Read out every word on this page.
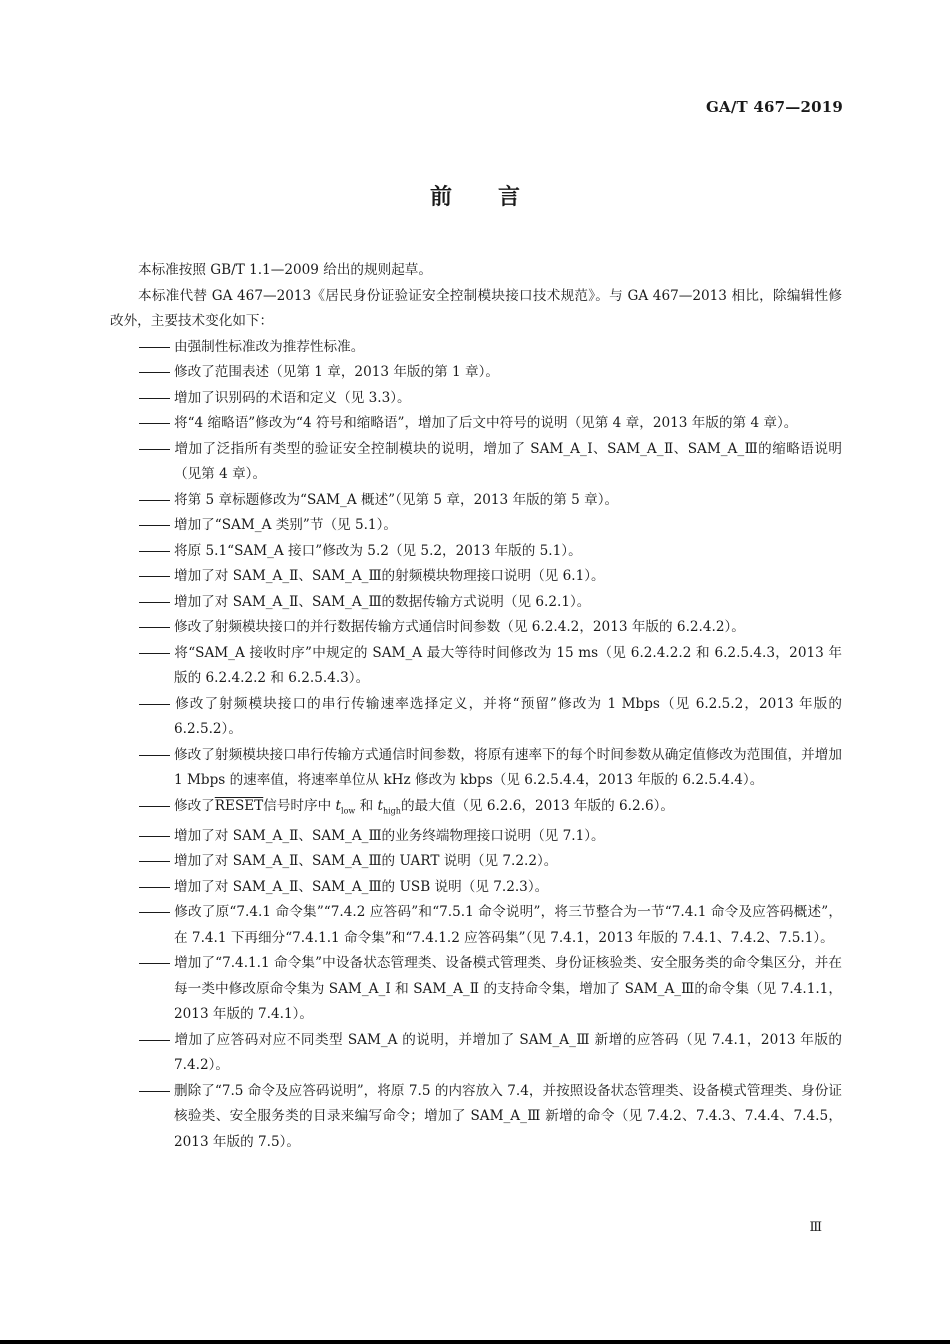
GA/T 467—2019
前言

本标准按照 GB/T 1.1—2009 给出的规则起草。

本标准代替 GA 467—2013《居民身份证验证安全控制模块接口技术规范》。与 GA 467—2013 相比，除编辑性修改外，主要技术变化如下：

由强制性标准改为推荐性标准。

修改了范围表述（见第 1 章，2013 年版的第 1 章）。

增加了识别码的术语和定义（见 3.3）。

将“4 缩略语”修改为“4 符号和缩略语”，增加了后文中符号的说明（见第 4 章，2013 年版的第 4 章）。

增加了泛指所有类型的验证安全控制模块的说明，增加了 SAM_A_Ⅰ、SAM_A_Ⅱ、SAM_A_Ⅲ的缩略语说明（见第 4 章）。

将第 5 章标题修改为“SAM_A 概述”（见第 5 章，2013 年版的第 5 章）。

增加了“SAM_A 类别”节（见 5.1）。

将原 5.1“SAM_A 接口”修改为 5.2（见 5.2，2013 年版的 5.1）。

增加了对 SAM_A_Ⅱ、SAM_A_Ⅲ的射频模块物理接口说明（见 6.1）。

增加了对 SAM_A_Ⅱ、SAM_A_Ⅲ的数据传输方式说明（见 6.2.1）。

修改了射频模块接口的并行数据传输方式通信时间参数（见 6.2.4.2，2013 年版的 6.2.4.2）。

将“SAM_A 接收时序”中规定的 SAM_A 最大等待时间修改为 15 ms（见 6.2.4.2.2 和 6.2.5.4.3，2013 年版的 6.2.4.2.2 和 6.2.5.4.3）。

修改了射频模块接口的串行传输速率选择定义，并将“预留”修改为 1 Mbps（见 6.2.5.2，2013 年版的 6.2.5.2）。

修改了射频模块接口串行传输方式通信时间参数，将原有速率下的每个时间参数从确定值修改为范围值，并增加 1 Mbps 的速率值，将速率单位从 kHz 修改为 kbps（见 6.2.5.4.4，2013 年版的 6.2.5.4.4）。

修改了RESET信号时序中 $t_{low}$ 和 $t_{high}$的最大值（见 6.2.6，2013 年版的 6.2.6）。

增加了对 SAM_A_Ⅱ、SAM_A_Ⅲ的业务终端物理接口说明（见 7.1）。

增加了对 SAM_A_Ⅱ、SAM_A_Ⅲ的 UART 说明（见 7.2.2）。

增加了对 SAM_A_Ⅱ、SAM_A_Ⅲ的 USB 说明（见 7.2.3）。

修改了原“7.4.1 命令集”“7.4.2 应答码”和“7.5.1 命令说明”，将三节整合为一节“7.4.1 命令及应答码概述”，在 7.4.1 下再细分“7.4.1.1 命令集”和“7.4.1.2 应答码集”（见 7.4.1，2013 年版的 7.4.1、7.4.2、7.5.1）。

增加了“7.4.1.1 命令集”中设备状态管理类、设备模式管理类、身份证核验类、安全服务类的命令集区分，并在每一类中修改原命令集为 SAM_A_Ⅰ 和 SAM_A_Ⅱ 的支持命令集，增加了 SAM_A_Ⅲ的命令集（见 7.4.1.1，2013 年版的 7.4.1）。

增加了应答码对应不同类型 SAM_A 的说明，并增加了 SAM_A_Ⅲ 新增的应答码（见 7.4.1，2013 年版的 7.4.2）。

删除了“7.5 命令及应答码说明”，将原 7.5 的内容放入 7.4，并按照设备状态管理类、设备模式管理类、身份证核验类、安全服务类的目录来编写命令；增加了 SAM_A_Ⅲ 新增的命令（见 7.4.2、7.4.3、7.4.4、7.4.5，2013 年版的 7.5）。

Ⅲ
